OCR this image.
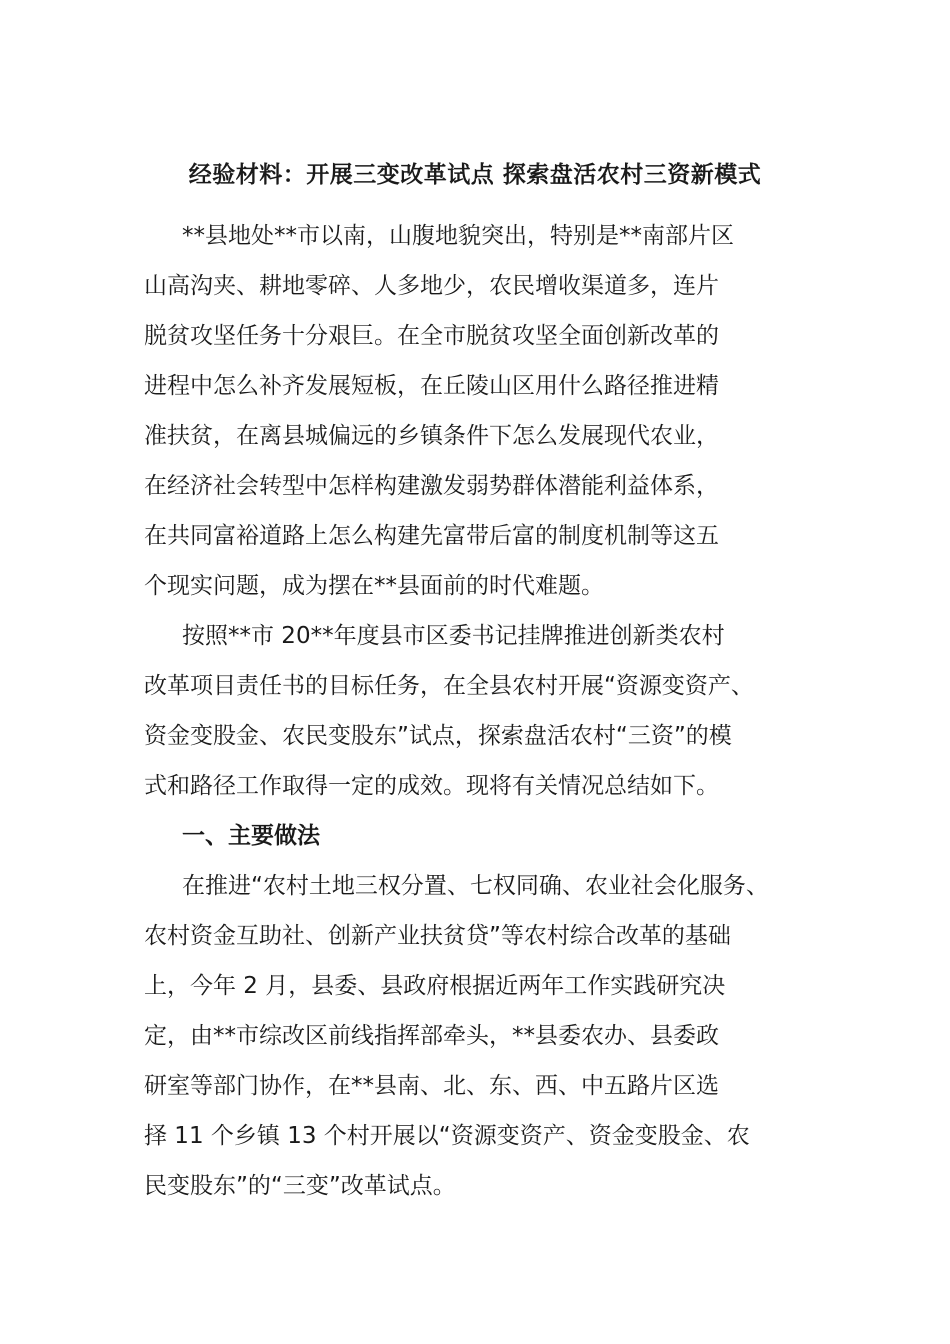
经验材料：开展三变改革试点 探索盘活农村三资新模式
**县地处**市以南，山腹地貌突出，特别是**南部片区
山高沟夹、耕地零碎、人多地少，农民增收渠道多，连片
脱贫攻坚任务十分艰巨。在全市脱贫攻坚全面创新改革的
进程中怎么补齐发展短板，在丘陵山区用什么路径推进精
准扶贫，在离县城偏远的乡镇条件下怎么发展现代农业，
在经济社会转型中怎样构建激发弱势群体潜能利益体系，
在共同富裕道路上怎么构建先富带后富的制度机制等这五
个现实问题，成为摆在**县面前的时代难题。
按照**市 20**年度县市区委书记挂牌推进创新类农村
改革项目责任书的目标任务，在全县农村开展“资源变资产、
资金变股金、农民变股东”试点，探索盘活农村“三资”的模
式和路径工作取得一定的成效。现将有关情况总结如下。
一、主要做法
在推进“农村土地三权分置、七权同确、农业社会化服务、
农村资金互助社、创新产业扶贫贷”等农村综合改革的基础
上，今年 2 月，县委、县政府根据近两年工作实践研究决
定，由**市综改区前线指挥部牵头，**县委农办、县委政
研室等部门协作，在**县南、北、东、西、中五路片区选
择 11 个乡镇 13 个村开展以“资源变资产、资金变股金、农
民变股东”的“三变”改革试点。
